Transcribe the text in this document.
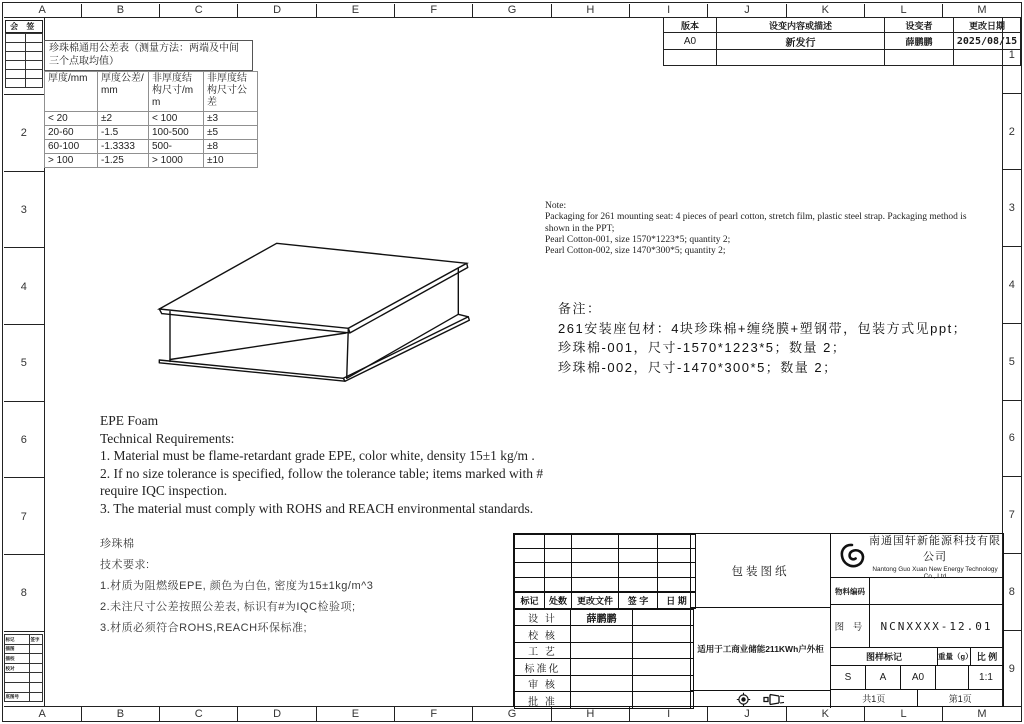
A	B	C	D	E	F	G	H	I	J	K	L	M
A	B	C	D	E	F	G	H	I	J	K	L	M
会 签

2
3
4
5
6
7
8
标记	签字
描图	
描校	
校对	

底图号	
1
2
3
4
5
6
7
8
9
珍珠棉通用公差表（测量方法：两端及中间三个点取均值）
厚度/mm	厚度公差/mm	非厚度结构尺寸/mm	非厚度结构尺寸公差
< 20	±2	< 100	±3
20-60	-1.5	100-500	±5
60-100	-1.3333	500-	±8
> 100	-1.25	> 1000	±10
版本	设变内容或描述	设变者	更改日期
A0	新发行	薛鹏鹏	2025/08/15

Note:
Packaging for 261 mounting seat: 4 pieces of pearl cotton, stretch film, plastic steel strap. Packaging method is
shown in the PPT;
Pearl Cotton-001, size 1570*1223*5; quantity 2;
Pearl Cotton-002, size 1470*300*5; quantity 2;
备注：
261安装座包材：4块珍珠棉+缠绕膜+塑钢带，包装方式见ppt；
珍珠棉-001，尺寸-1570*1223*5；数量 2；
珍珠棉-002，尺寸-1470*300*5；数量 2；
EPE Foam
Technical Requirements:
1. Material must be flame-retardant grade EPE, color white, density 15±1 kg/m .
2. If no size tolerance is specified, follow the tolerance table; items marked with #
require IQC inspection.
3. The material must comply with ROHS and REACH environmental standards.
珍珠棉
技术要求:
1.材质为阻燃级EPE, 颜色为白色, 密度为15±1kg/m^3
2.未注尺寸公差按照公差表, 标识有#为IQC检验项;
3.材质必须符合ROHS,REACH环保标准;

标记	处数	更改文件	签 字	日 期
设 计	薛鹏鹏	
校 核		
工 艺		
标准化		
审 核		
批 准		
包装图纸
适用于工商业储能211KWh户外柜
南通国轩新能源科技有限公司
Nantong Guo Xuan New Energy Technology Co., Ltd
物料编码
图 号	NCNXXXX-12.01
图样标记	重量（g） 比 例
S	A	A0	1:1
共1页	第1页
